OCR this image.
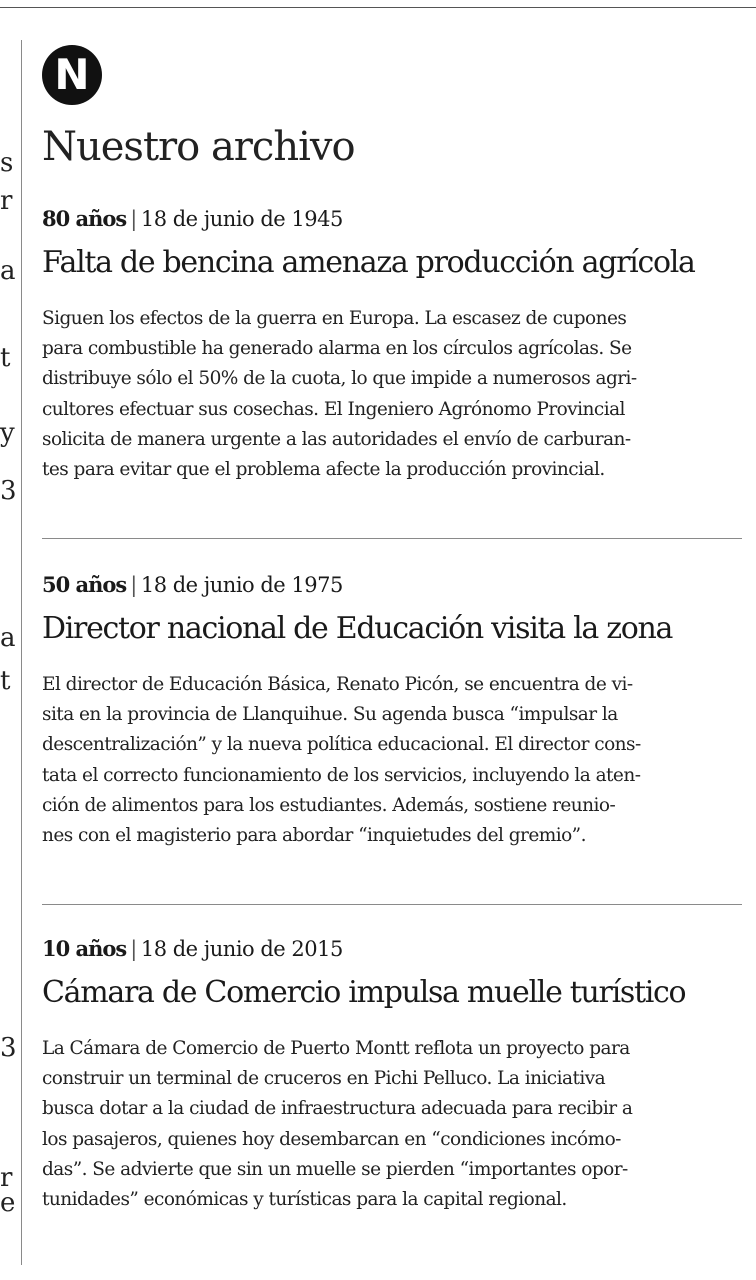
s
r
a
t
y
3
a
t
3
r
e
N
Nuestro archivo
80 años | 18 de junio de 1945
Falta de bencina amenaza producción agrícola
Siguen los efectos de la guerra en Europa. La escasez de cupones
para combustible ha generado alarma en los círculos agrícolas. Se
distribuye sólo el 50% de la cuota, lo que impide a numerosos agri-
cultores efectuar sus cosechas. El Ingeniero Agrónomo Provincial
solicita de manera urgente a las autoridades el envío de carburan-
tes para evitar que el problema afecte la producción provincial.
50 años | 18 de junio de 1975
Director nacional de Educación visita la zona
El director de Educación Básica, Renato Picón, se encuentra de vi-
sita en la provincia de Llanquihue. Su agenda busca “impulsar la
descentralización” y la nueva política educacional. El director cons-
tata el correcto funcionamiento de los servicios, incluyendo la aten-
ción de alimentos para los estudiantes. Además, sostiene reunio-
nes con el magisterio para abordar “inquietudes del gremio”.
10 años | 18 de junio de 2015
Cámara de Comercio impulsa muelle turístico
La Cámara de Comercio de Puerto Montt reflota un proyecto para
construir un terminal de cruceros en Pichi Pelluco. La iniciativa
busca dotar a la ciudad de infraestructura adecuada para recibir a
los pasajeros, quienes hoy desembarcan en “condiciones incómo-
das”. Se advierte que sin un muelle se pierden “importantes opor-
tunidades” económicas y turísticas para la capital regional.
